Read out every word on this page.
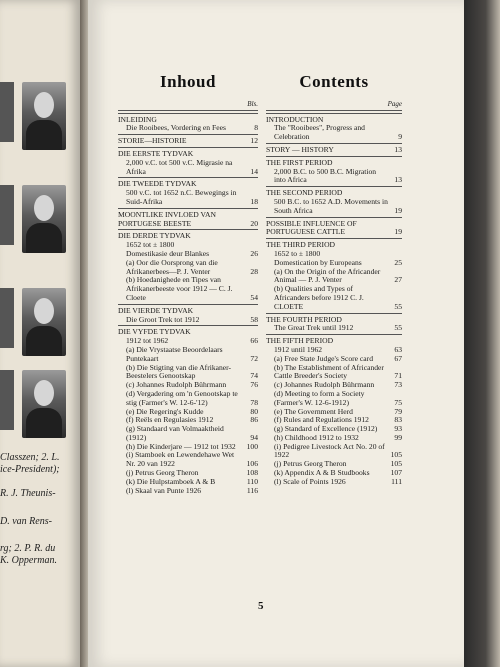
Classzen; 2. L.
ice-President);
R. J. Theunis-
D. van Rens-
rg; 2. P. R. du
K. Opperman.
Inhoud
Bls.
INLEIDING
Die Rooibees, Vordering en Fees	8
STORIE—HISTORIE	12
DIE EERSTE TYDVAK
2,000 v.C. tot 500 v.C. Migrasie na Afrika	14
DIE TWEEDE TYDVAK
500 v.C. tot 1652 n.C. Bewegings in Suid-Afrika	18
MOONTLIKE INVLOED VAN PORTUGESE BEESTE	20
DIE DERDE TYDVAK
1652 tot ± 1800
Domestikasie deur Blankes	26
(a) Oor die Oorsprong van die Afrikanerbees—P. J. Venter	28
(b) Hoedanighede en Tipes van Afrikanerbeeste voor 1912 — C. J. Cloete	54
DIE VIERDE TYDVAK
Die Groot Trek tot 1912	58
DIE VYFDE TYDVAK
1912 tot 1962	66
(a) Die Vrystaatse Beoordelaars Puntekaart	72
(b) Die Stigting van die Afrikaner-Beestelers Genootskap	74
(c) Johannes Rudolph Bührmann	76
(d) Vergadering om 'n Genootskap te stig (Farmer's W. 12-6-'12)	78
(e) Die Regering's Kudde	80
(f) Reëls en Regulasies 1912	86
(g) Standaard van Volmaaktheid (1912)	94
(h) Die Kinderjare — 1912 tot 1932	100
(i) Stamboek en Lewendehawe Wet Nr. 20 van 1922	106
(j) Petrus Georg Theron	108
(k) Die Hulpstamboek A & B	110
(l) Skaal van Punte 1926	116
Contents
Page
INTRODUCTION
The "Rooibees", Progress and Celebration	9
STORY — HISTORY	13
THE FIRST PERIOD
2,000 B.C. to 500 B.C. Migration into Africa	13
THE SECOND PERIOD
500 B.C. to 1652 A.D. Movements in South Africa	19
POSSIBLE INFLUENCE OF PORTUGUESE CATTLE	19
THE THIRD PERIOD
1652 to ± 1800
Domestication by Europeans	25
(a) On the Origin of the Africander Animal — P. J. Venter	27
(b) Qualities and Types of Africanders before 1912 C. J. CLOETE	55
THE FOURTH PERIOD
The Great Trek until 1912	55
THE FIFTH PERIOD
1912 until 1962	63
(a) Free State Judge's Score card	67
(b) The Establishment of Africander Cattle Breeder's Society	71
(c) Johannes Rudolph Bührmann	73
(d) Meeting to form a Society (Farmer's W. 12-6-1912)	75
(e) The Government Herd	79
(f) Rules and Regulations 1912	83
(g) Standard of Excellence (1912)	93
(h) Childhood 1912 to 1932	99
(i) Pedigree Livestock Act No. 20 of 1922	105
(j) Petrus Georg Theron	105
(k) Appendix A & B Studbooks	107
(l) Scale of Points 1926	111
5
